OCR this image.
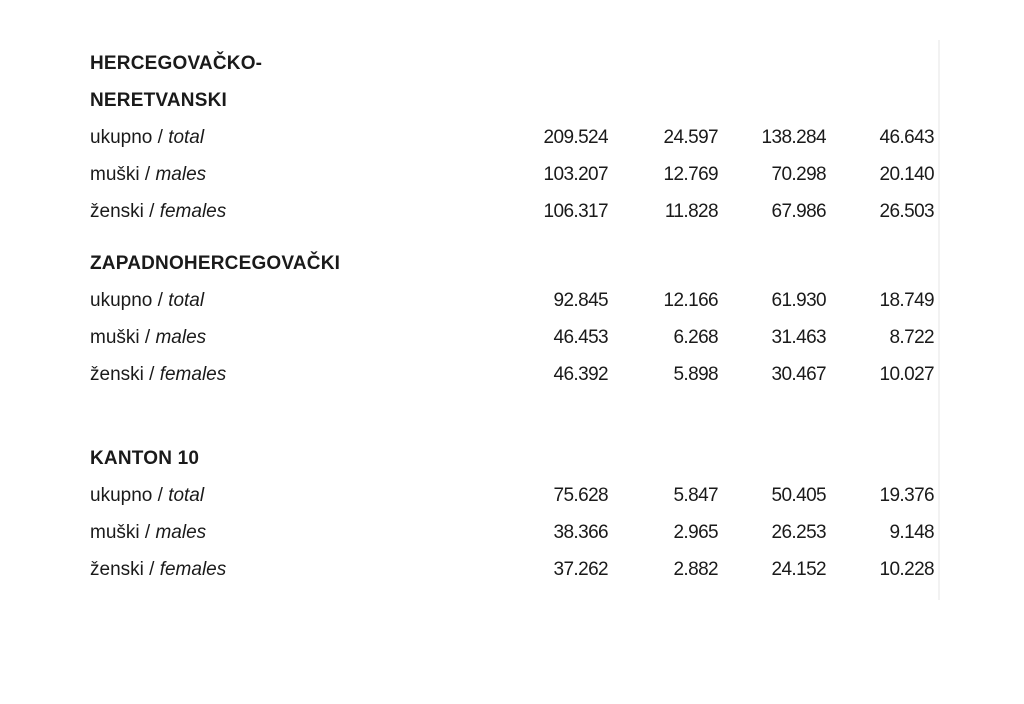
HERCEGOVAČKO-
NERETVANSKI
ukupno / total	209.524	24.597	138.284	46.643
muški / males	103.207	12.769	70.298	20.140
ženski / females	106.317	11.828	67.986	26.503
ZAPADNOHERCEGOVAČKI
ukupno / total	92.845	12.166	61.930	18.749
muški / males	46.453	6.268	31.463	8.722
ženski / females	46.392	5.898	30.467	10.027
KANTON 10
ukupno / total	75.628	5.847	50.405	19.376
muški / males	38.366	2.965	26.253	9.148
ženski / females	37.262	2.882	24.152	10.228
